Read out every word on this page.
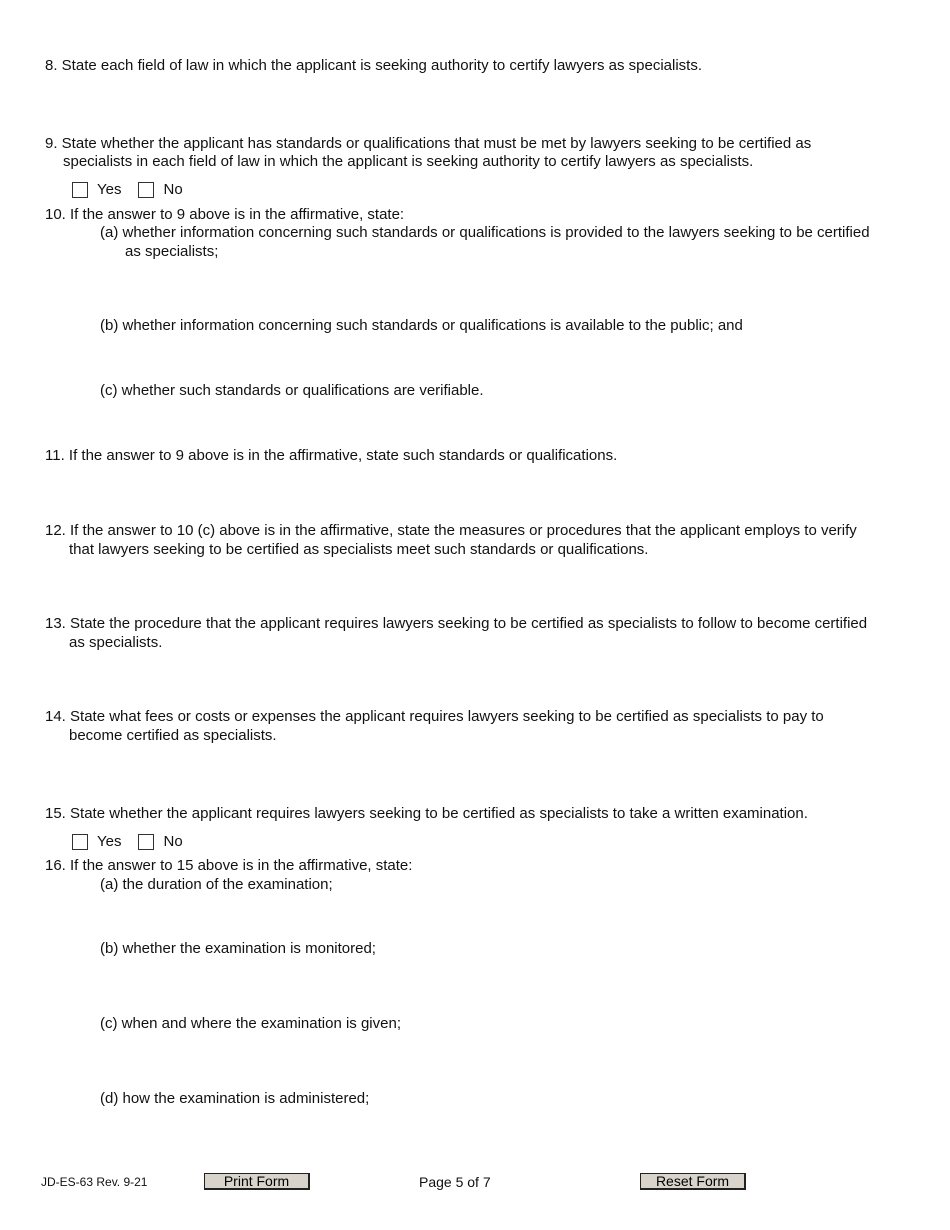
8. State each field of law in which the applicant is seeking authority to certify lawyers as specialists.
9. State whether the applicant has standards or qualifications that must be met by lawyers seeking to be certified as
specialists in each field of law in which the applicant is seeking authority to certify lawyers as specialists.
Yes	No
10. If the answer to 9 above is in the affirmative, state:
(a) whether information concerning such standards or qualifications is provided to the lawyers seeking to be certified
as specialists;
(b) whether information concerning such standards or qualifications is available to the public; and
(c) whether such standards or qualifications are verifiable.
11. If the answer to 9 above is in the affirmative, state such standards or qualifications.
12. If the answer to 10 (c) above is in the affirmative, state the measures or procedures that the applicant employs to verify
that lawyers seeking to be certified as specialists meet such standards or qualifications.
13. State the procedure that the applicant requires lawyers seeking to be certified as specialists to follow to become certified
as specialists.
14. State what fees or costs or expenses the applicant requires lawyers seeking to be certified as specialists to pay to
become certified as specialists.
15. State whether the applicant requires lawyers seeking to be certified as specialists to take a written examination.
Yes	No
16. If the answer to 15 above is in the affirmative, state:
(a) the duration of the examination;
(b) whether the examination is monitored;
(c) when and where the examination is given;
(d) how the examination is administered;
JD-ES-63 Rev. 9-21	Print Form	Page 5 of 7	Reset Form
